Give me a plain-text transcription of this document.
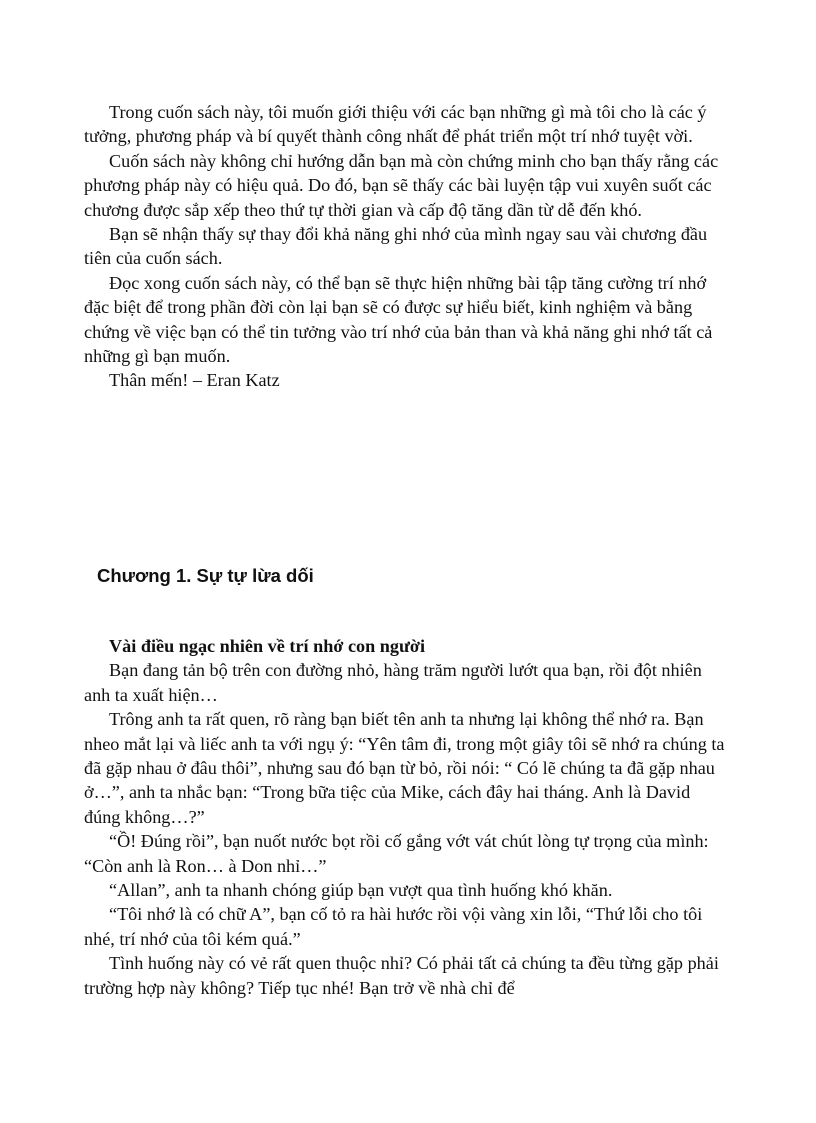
Trong cuốn sách này, tôi muốn giới thiệu với các bạn những gì mà tôi cho là các ý tưởng, phương pháp và bí quyết thành công nhất để phát triển một trí nhớ tuyệt vời.

Cuốn sách này không chỉ hướng dẫn bạn mà còn chứng minh cho bạn thấy rằng các phương pháp này có hiệu quả. Do đó, bạn sẽ thấy các bài luyện tập vui xuyên suốt các chương được sắp xếp theo thứ tự thời gian và cấp độ tăng dần từ dễ đến khó.

Bạn sẽ nhận thấy sự thay đổi khả năng ghi nhớ của mình ngay sau vài chương đầu tiên của cuốn sách.

Đọc xong cuốn sách này, có thể bạn sẽ thực hiện những bài tập tăng cường trí nhớ đặc biệt để trong phần đời còn lại bạn sẽ có được sự hiểu biết, kinh nghiệm và bằng chứng về việc bạn có thể tin tưởng vào trí nhớ của bản than và khả năng ghi nhớ tất cả những gì bạn muốn.

Thân mến! – Eran Katz

Chương 1. Sự tự lừa dối

Vài điều ngạc nhiên về trí nhớ con người

Bạn đang tản bộ trên con đường nhỏ, hàng trăm người lướt qua bạn, rồi đột nhiên anh ta xuất hiện…

Trông anh ta rất quen, rõ ràng bạn biết tên anh ta nhưng lại không thể nhớ ra. Bạn nheo mắt lại và liếc anh ta với ngụ ý: “Yên tâm đi, trong một giây tôi sẽ nhớ ra chúng ta đã gặp nhau ở đâu thôi”, nhưng sau đó bạn từ bỏ, rồi nói: “ Có lẽ chúng ta đã gặp nhau ở…”, anh ta nhắc bạn: “Trong bữa tiệc của Mike, cách đây hai tháng. Anh là David đúng không…?”

“Ồ! Đúng rồi”, bạn nuốt nước bọt rồi cố gắng vớt vát chút lòng tự trọng của mình: “Còn anh là Ron… à Don nhỉ…”

“Allan”, anh ta nhanh chóng giúp bạn vượt qua tình huống khó khăn.

“Tôi nhớ là có chữ A”, bạn cố tỏ ra hài hước rồi vội vàng xin lỗi, “Thứ lỗi cho tôi nhé, trí nhớ của tôi kém quá.”

Tình huống này có vẻ rất quen thuộc nhỉ? Có phải tất cả chúng ta đều từng gặp phải trường hợp này không? Tiếp tục nhé! Bạn trở về nhà chỉ để
